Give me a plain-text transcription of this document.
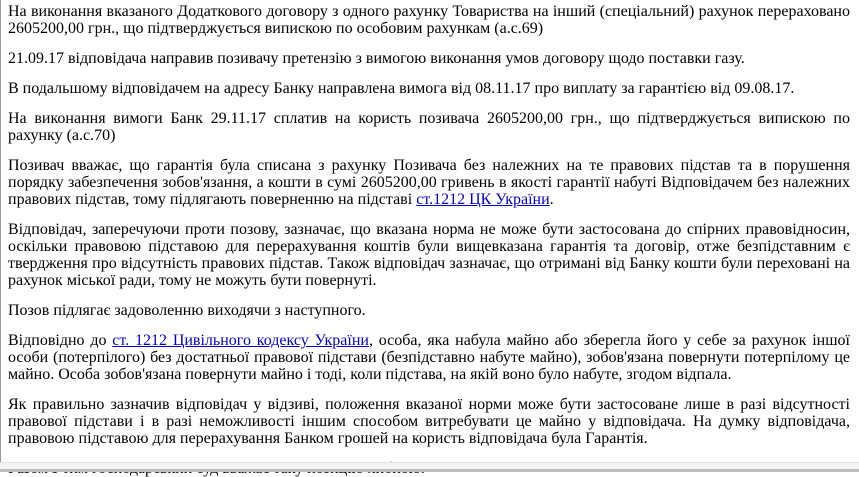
На виконання вказаного Додаткового договору з одного рахунку Товариства на інший (спеціальний) рахунок перераховано 2605200,00 грн., що підтверджується випискою по особовим рахункам (а.с.69)

21.09.17 відповідача направив позивачу претензію з вимогою виконання умов договору щодо поставки газу.

В подальшому відповідачем на адресу Банку направлена вимога від 08.11.17 про виплату за гарантією від 09.08.17.

На виконання вимоги Банк 29.11.17 сплатив на користь позивача 2605200,00 грн., що підтверджується випискою по рахунку (а.с.70)

Позивач вважає, що гарантія була списана з рахунку Позивача без належних на те правових підстав та в порушення порядку забезпечення зобов'язання, а кошти в сумі 2605200,00 гривень в якості гарантії набуті Відповідачем без належних правових підстав, тому підлягають поверненню на підставі ст.1212 ЦК України.

Відповідач, заперечуючи проти позову, зазначає, що вказана норма не може бути застосована до спірних правовідносин, оскільки правовою підставою для перерахування коштів були вищевказана гарантія та договір, отже безпідставним є твердження про відсутність правових підстав. Також відповідач зазначає, що отримані від Банку кошти були переховані на рахунок міської ради, тому не можуть бути повернуті.

Позов підлягає задоволенню виходячи з наступного.

Відповідно до ст. 1212 Цивільного кодексу України, особа, яка набула майно або зберегла його у себе за рахунок іншої особи (потерпілого) без достатньої правової підстави (безпідставно набуте майно), зобов'язана повернути потерпілому це майно. Особа зобов'язана повернути майно і тоді, коли підстава, на якій воно було набуте, згодом відпала.

Як правильно зазначив відповідач у відзиві, положення вказаної норми може бути застосоване лише в разі відсутності правової підстави і в разі неможливості іншим способом витребувати це майно у відповідача. На думку відповідача, правовою підставою для перерахування Банком грошей на користь відповідача була Гарантія.
